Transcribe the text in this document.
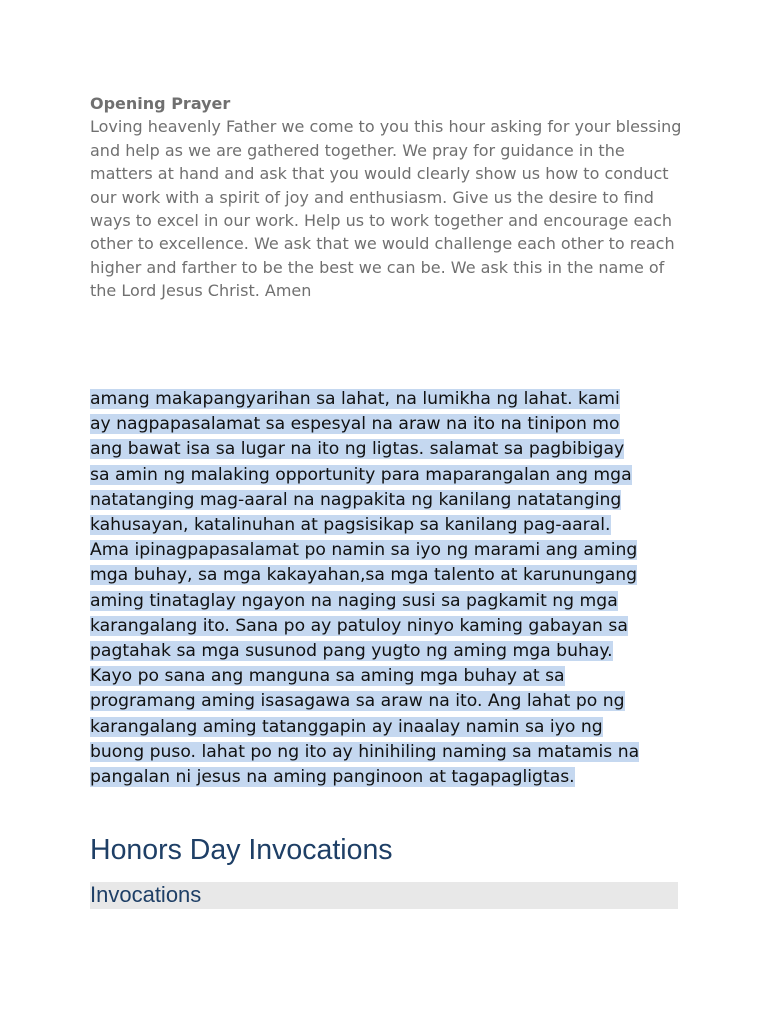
Opening Prayer
Loving heavenly Father we come to you this hour asking for your blessing and help as we are gathered together. We pray for guidance in the matters at hand and ask that you would clearly show us how to conduct our work with a spirit of joy and enthusiasm. Give us the desire to find ways to excel in our work. Help us to work together and encourage each other to excellence. We ask that we would challenge each other to reach higher and farther to be the best we can be. We ask this in the name of the Lord Jesus Christ. Amen
amang makapangyarihan sa lahat, na lumikha ng lahat. kami
ay nagpapasalamat sa espesyal na araw na ito na tinipon mo
ang bawat isa sa lugar na ito ng ligtas. salamat sa pagbibigay
sa amin ng malaking opportunity para maparangalan ang mga
natatanging mag-aaral na nagpakita ng kanilang natatanging
kahusayan, katalinuhan at pagsisikap sa kanilang pag-aaral.
Ama ipinagpapasalamat po namin sa iyo ng marami ang aming
mga buhay, sa mga kakayahan,sa mga talento at karunungang
aming tinataglay ngayon na naging susi sa pagkamit ng mga
karangalang ito. Sana po ay patuloy ninyo kaming gabayan sa
pagtahak sa mga susunod pang yugto ng aming mga buhay.
Kayo po sana ang manguna sa aming mga buhay at sa
programang aming isasagawa sa araw na ito. Ang lahat po ng
karangalang aming tatanggapin ay inaalay namin sa iyo ng
buong puso. lahat po ng ito ay hinihiling naming sa matamis na
pangalan ni jesus na aming panginoon at tagapagligtas.
Honors Day Invocations
Invocations
